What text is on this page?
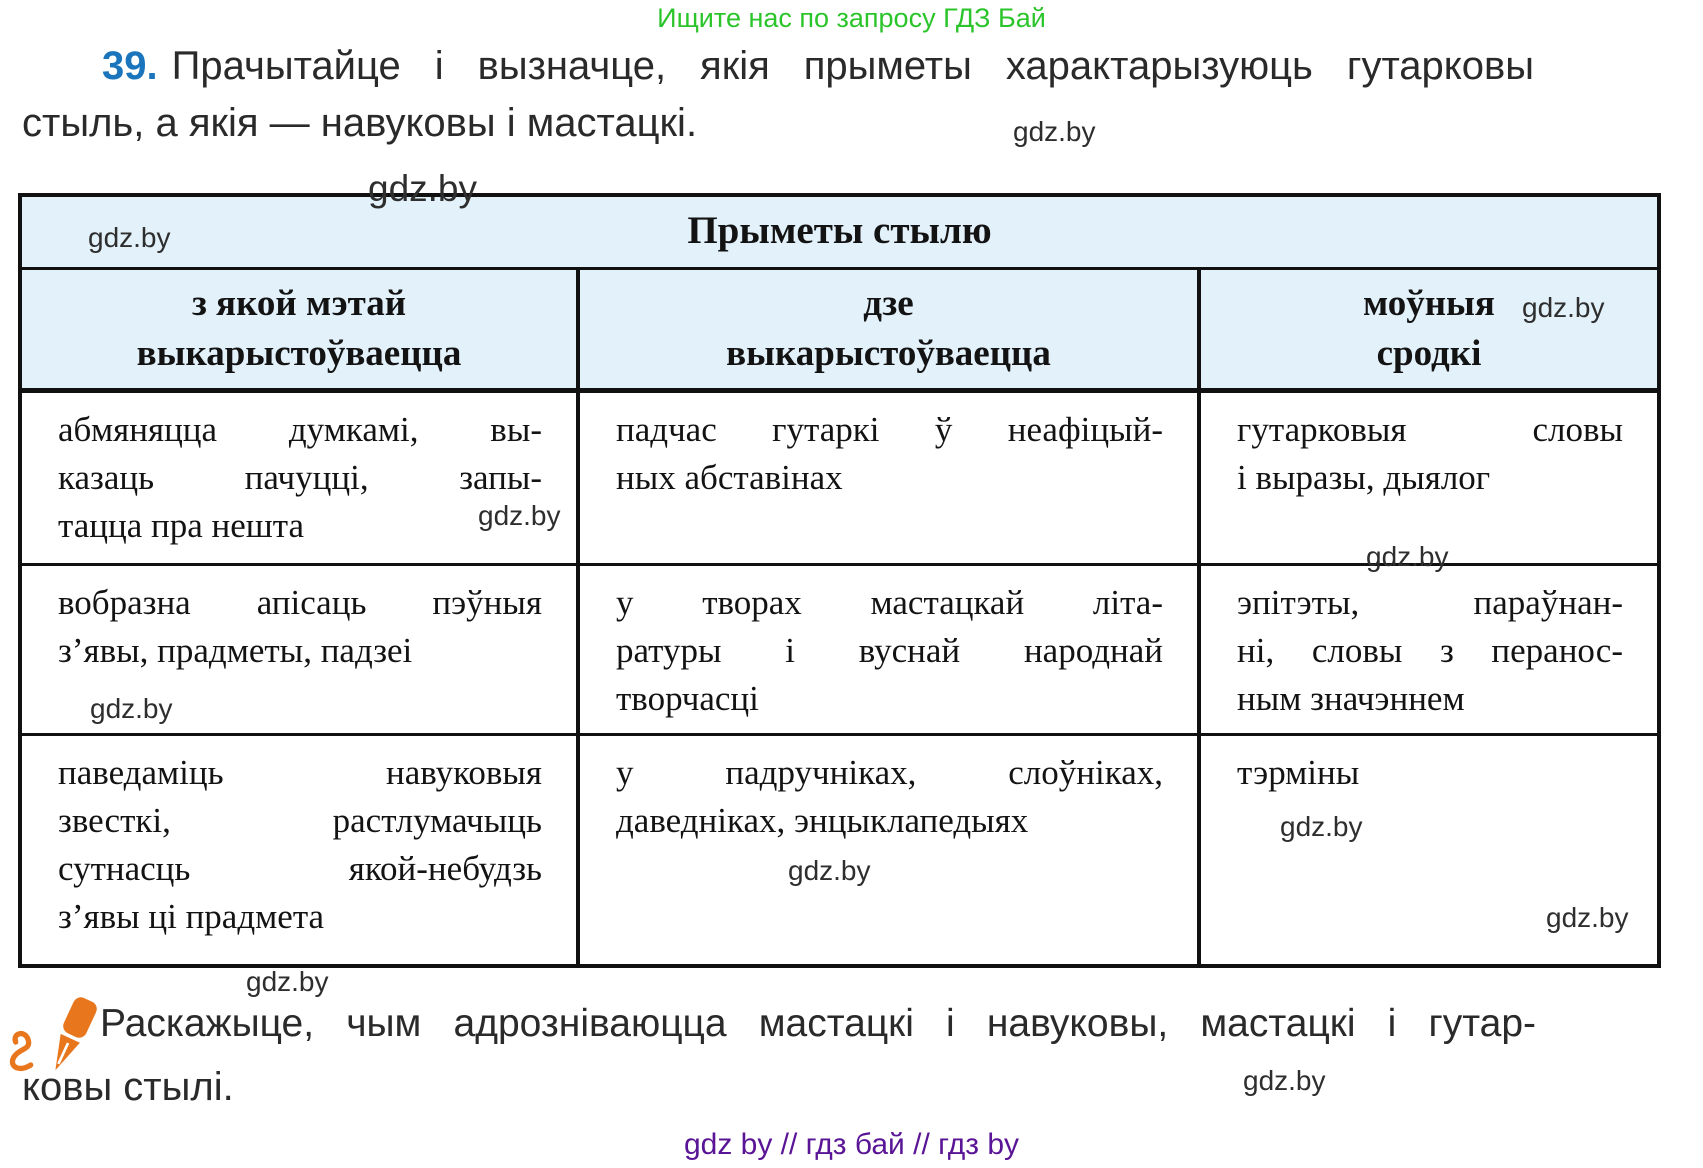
Ищите нас по запросу ГДЗ Бай
39. Прачытайце і вызначце, якія прыметы характарызуюць гутарковы
стыль, а якія — навуковы і мастацкі.
Прыметы стылю
з якой мэтай
выкарыстоўваецца
дзе
выкарыстоўваецца
моўныя
сродкі
абмяняцца думкамі, вы-
казаць пачуцці, запы-
тацца пра нешта
падчас гутаркі ў неафіцый-
ных абставінах
гутарковыя словы
і выразы, дыялог
вобразна апісаць пэўныя
з’явы, прадметы, падзеі
у творах мастацкай літа-
ратуры і вуснай народнай
творчасці
эпітэты, параўнан-
ні, словы з перанос-
ным значэннем
паведаміць навуковыя
звесткі, растлумачыць
сутнасць якой-небудзь
з’явы ці прадмета
у падручніках, слоўніках,
даведніках, энцыклапедыях
тэрміны
gdz.by
gdz.by
gdz.by
gdz.by
gdz.by
gdz.by
gdz.by
gdz.by
gdz.by
gdz.by
gdz.by
gdz.by
Раскажыце, чым адрозніваюцца мастацкі і навуковы, мастацкі і гутар-
ковы стылі.
gdz by // гдз бай // гдз by
